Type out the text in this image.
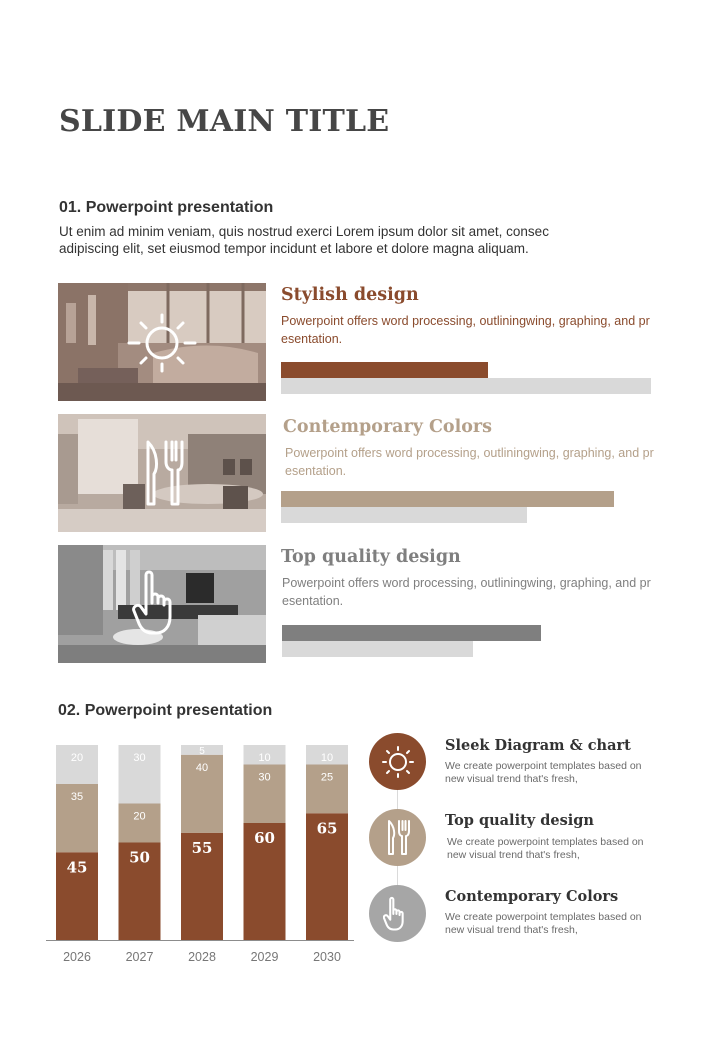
SLIDE MAIN TITLE
01. Powerpoint presentation
Ut enim ad minim veniam, quis nostrud exerci Lorem ipsum dolor sit amet, consec
adipiscing elit, set eiusmod tempor incidunt et labore et dolore magna aliquam.
Stylish design
Powerpoint offers word processing, outliningwing, graphing, and presentation.
Contemporary Colors
Powerpoint offers word processing, outliningwing, graphing, and presentation.
Top quality design
Powerpoint offers word processing, outliningwing, graphing, and presentation.
02. Powerpoint presentation
45
35
20
2026
50
20
30
2027
55
40
5
2028
60
30
10
2029
65
25
10
2030
Sleek Diagram & chart
We create powerpoint templates based on
new visual trend that's fresh,
Top quality design
We create powerpoint templates based on
new visual trend that's fresh,
Contemporary Colors
We create powerpoint templates based on
new visual trend that's fresh,
